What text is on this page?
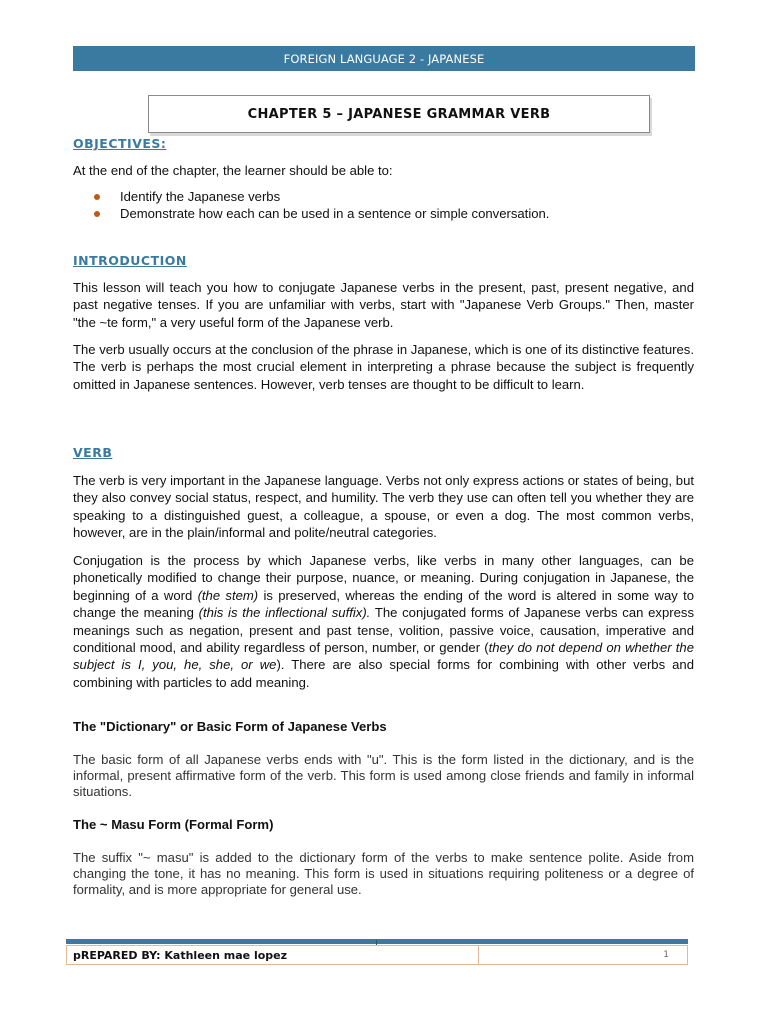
FOREIGN LANGUAGE 2 - JAPANESE
CHAPTER 5 – JAPANESE GRAMMAR VERB
OBJECTIVES:

At the end of the chapter, the learner should be able to:

Identify the Japanese verbs
Demonstrate how each can be used in a sentence or simple conversation.
INTRODUCTION

This lesson will teach you how to conjugate Japanese verbs in the present, past, present negative, and past negative tenses. If you are unfamiliar with verbs, start with "Japanese Verb Groups." Then, master "the ~te form," a very useful form of the Japanese verb.

The verb usually occurs at the conclusion of the phrase in Japanese, which is one of its distinctive features. The verb is perhaps the most crucial element in interpreting a phrase because the subject is frequently omitted in Japanese sentences. However, verb tenses are thought to be difficult to learn.

VERB

The verb is very important in the Japanese language. Verbs not only express actions or states of being, but they also convey social status, respect, and humility. The verb they use can often tell you whether they are speaking to a distinguished guest, a colleague, a spouse, or even a dog. The most common verbs, however, are in the plain/informal and polite/neutral categories.

Conjugation is the process by which Japanese verbs, like verbs in many other languages, can be phonetically modified to change their purpose, nuance, or meaning. During conjugation in Japanese, the beginning of a word (the stem) is preserved, whereas the ending of the word is altered in some way to change the meaning (this is the inflectional suffix). The conjugated forms of Japanese verbs can express meanings such as negation, present and past tense, volition, passive voice, causation, imperative and conditional mood, and ability regardless of person, number, or gender (they do not depend on whether the subject is I, you, he, she, or we). There are also special forms for combining with other verbs and combining with particles to add meaning.

The "Dictionary" or Basic Form of Japanese Verbs

The basic form of all Japanese verbs ends with "u". This is the form listed in the dictionary, and is the informal, present affirmative form of the verb. This form is used among close friends and family in informal situations.

The ~ Masu Form (Formal Form)

The suffix "~ masu" is added to the dictionary form of the verbs to make sentence polite. Aside from changing the tone, it has no meaning. This form is used in situations requiring politeness or a degree of formality, and is more appropriate for general use.

pREPARED BY: Kathleen mae lopez	1
